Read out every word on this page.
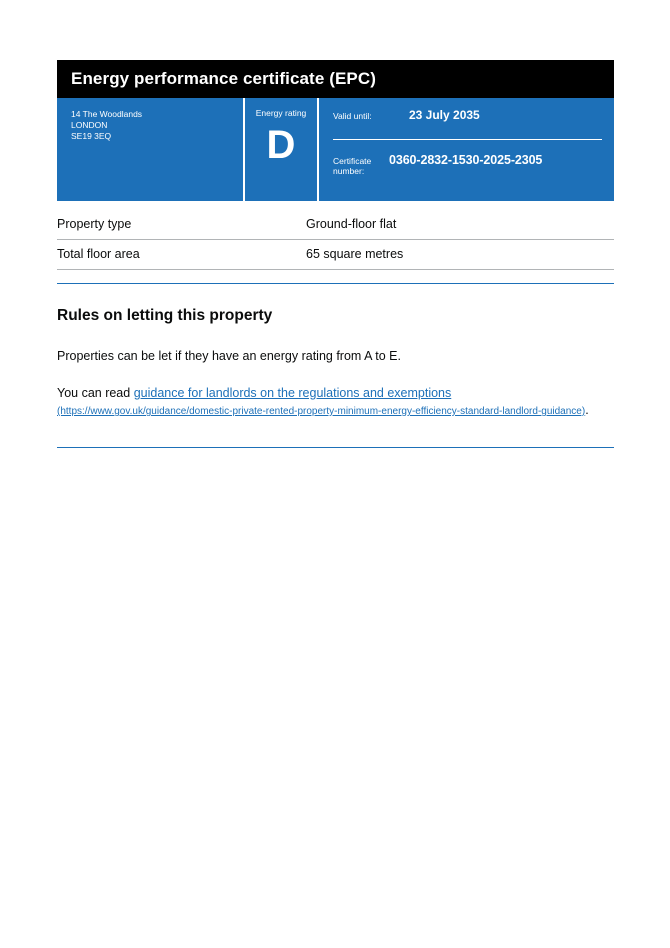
Energy performance certificate (EPC)
14 The Woodlands
LONDON
SE19 3EQ
Energy rating
D
Valid until:	23 July 2035
Certificate number:
0360-2832-1530-2025-2305
Property type	Ground-floor flat
Total floor area	65 square metres
Rules on letting this property

Properties can be let if they have an energy rating from A to E.

You can read guidance for landlords on the regulations and exemptions
(https://www.gov.uk/guidance/domestic-private-rented-property-minimum-energy-efficiency-standard-landlord-guidance).
